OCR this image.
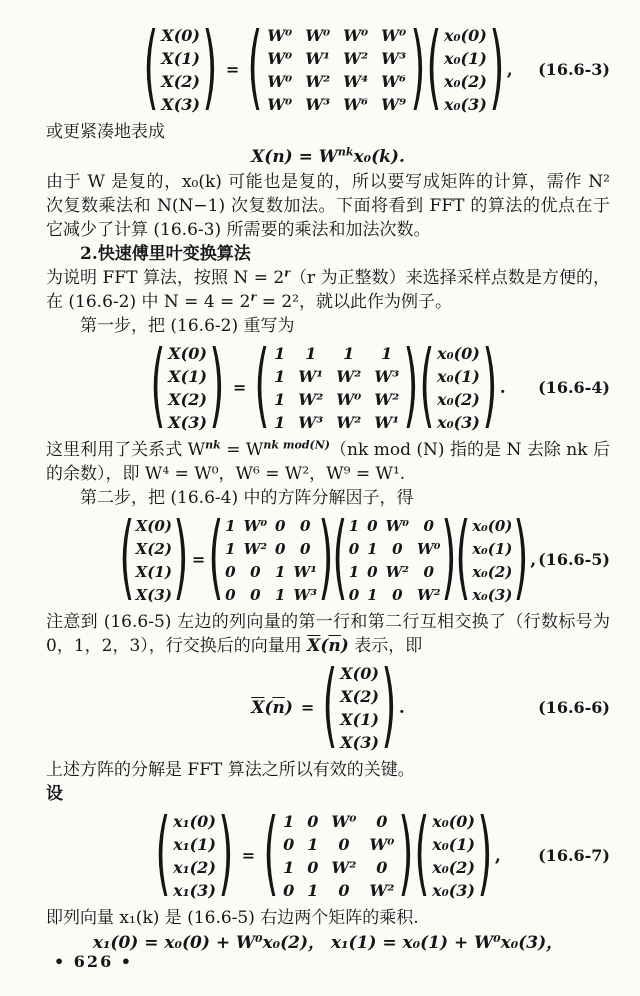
( X(0)
X(1)
X(2)
X(3) ) = ( W⁰ W⁰ W⁰ W⁰
W⁰ W¹ W² W³
W⁰ W² W⁴ W⁶
W⁰ W³ W⁶ W⁹ ) ( x₀(0)
x₀(1)
x₀(2)
x₀(3) ) , (16.6-3)

或更紧凑地表成

$X(n) = W^{nk}x_0(k)$.

由于 W 是复的，x₀(k) 可能也是复的，所以要写成矩阵的计算，需作 N² 次复数乘法和 N(N−1) 次复数加法。下面将看到 FFT 的算法的优点在于它减少了计算 (16.6-3) 所需要的乘法和加法次数。

2.快速傅里叶变换算法

为说明 FFT 算法，按照 $N = 2^r(r$ 为正整数）来选择采样点数是方便的，在 (16.6-2) 中 $N = 4 = 2^r = 2^2$，就以此作为例子。

第一步，把 (16.6-2) 重写为

( X(0)
X(1)
X(2)
X(3) ) = ( 1	1	1	1
1 W¹ W² W³
1 W² W⁰ W²
1 W³ W² W¹ ) ( x₀(0)
x₀(1)
x₀(2)
x₀(3) ) . (16.6-4)

这里利用了关系式 $W^{nk} = W^{nk mod(N)}(nk$ mod (N) 指的是 N 去除 nk 后的余数），即 W⁴ = W⁰，W⁶ = W²，W⁹ = W¹.

第二步，把 (16.6-4) 中的方阵分解因子，得

( X(0)
X(2)
X(1)
X(3) ) = ( 1 W⁰ 0 0
1 W² 0 0
0 0 1 W¹
0 0 1 W³ )
( 1 0 W⁰ 0
0 1 0 W⁰
1 0 W² 0
0 1 0 W² )
( x₀(0)
x₀(1)
x₀(2)
x₀(3) ) , (16.6-5)

注意到 (16.6-5) 左边的列向量的第一行和第二行互相交换了（行数标号为 0，1，2，3），行交换后的向量用 $\overline{X}(\overline{n})$ 表示，即

$\overline{X}(\overline{n})$ = ( X(0)
X(2)
X(1)
X(3) ) .	(16.6-6)

上述方阵的分解是 FFT 算法之所以有效的关键。

设

( x₁(0)
x₁(1)
x₁(2)
x₁(3) ) = ( 1 0 W⁰	0
0 1	0	W⁰
1 0 W²	0
0 1	0	W² ) ( x₀(0)
x₀(1)
x₀(2)
x₀(3) ) , (16.6-7)

即列向量 x₁(k) 是 (16.6-5) 右边两个矩阵的乘积.

x₁(0) = x₀(0) + W⁰x₀(2)， x₁(1) = x₀(1) + W⁰x₀(3)，
• 626 •
